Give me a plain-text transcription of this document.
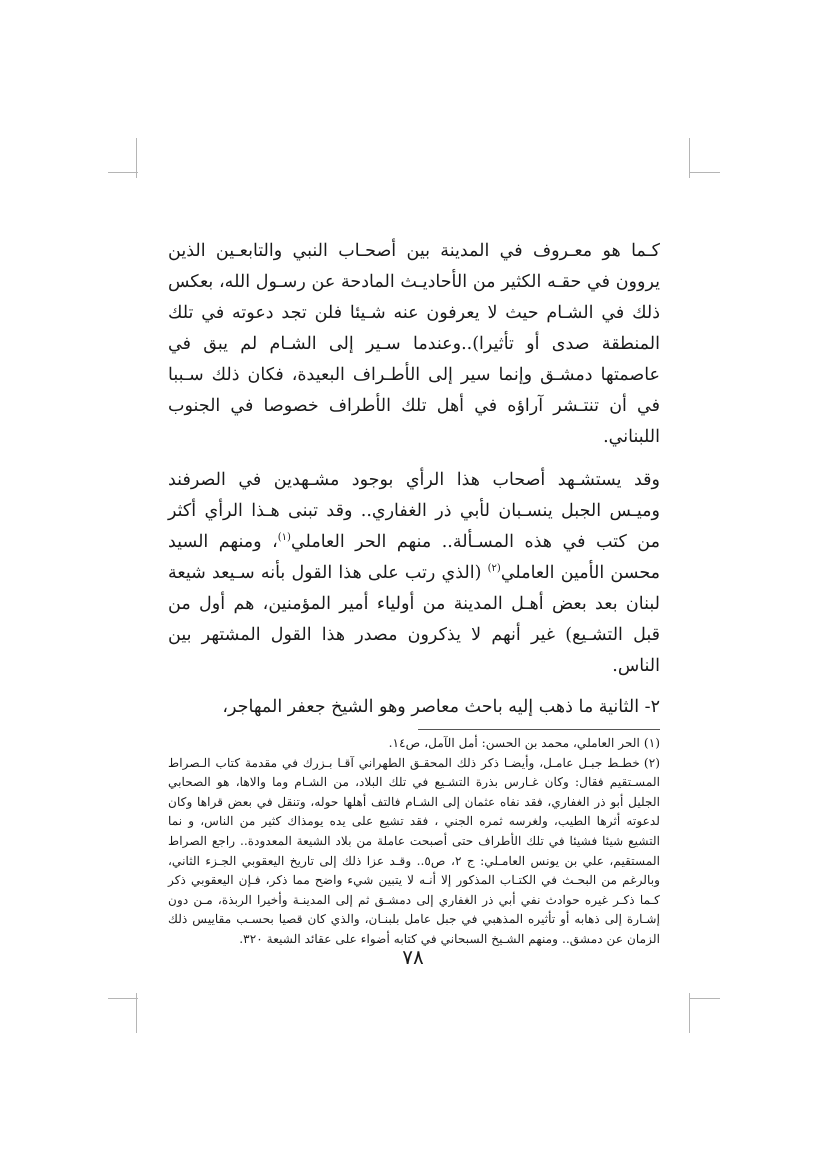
كـما هو معـروف في المدينة بين أصحـاب النبي والتابعـين الذين يروون في حقـه الكثير من الأحاديـث المادحة عن رسـول الله، بعكس ذلك في الشـام حيث لا يعرفون عنه شـيئا فلن تجد دعوته في تلك المنطقة صدى أو تأثيرا)..وعندما سـير إلى الشـام لم يبق في عاصمتها دمشـق وإنما سير إلى الأطـراف البعيدة، فكان ذلك سـببا في أن تنتـشر آراؤه في أهل تلك الأطراف خصوصا في الجنوب اللبناني.

وقد يستشـهد أصحاب هذا الرأي بوجود مشـهدين في الصرفند وميـس الجبل ينسـبان لأبي ذر الغفاري.. وقد تبنى هـذا الرأي أكثر من كتب في هذه المسـألة.. منهم الحر العاملي$^{(١)}$، ومنهم السيد محسن الأمين العاملي$^{(٢)}$ (الذي رتب على هذا القول بأنه سـيعد شيعة لبنان بعد بعض أهـل المدينة من أولياء أمير المؤمنين، هم أول من قبل التشـيع) غير أنهم لا يذكرون مصدر هذا القول المشتهر بين الناس.

٢- الثانية ما ذهب إليه باحث معاصر وهو الشيخ جعفر المهاجر،

(١)الحر العاملي، محمد بن الحسن: أمل الآمل، ص١٤.

(٢)خطـط جبـل عامـل، وأيضـا ذكر ذلك المحقـق الطهراني آقـا بـزرك في مقدمة كتاب الـصراط المسـتقيم فقال: وكان غـارس بذرة التشـيع في تلك البلاد، من الشـام وما والاها، هو الصحابي الجليل أبو ذر الغفاري، فقد نفاه عثمان إلى الشـام فالتف أهلها حوله، وتنقل في بعض قراها وكان لدعوته أثرها الطيب، ولغرسه ثمره الجني ، فقد تشيع على يده يومذاك كثير من الناس، و نما التشيع شيئا فشيئا في تلك الأطراف حتى أصبحت عاملة من بلاد الشيعة المعدودة.. راجع الصراط المستقيم، علي بن يونس العامـلي: ج ٢، ص٥.. وقـد عزا ذلك إلى تاريخ اليعقوبي الجـزء الثاني، وبالرغم من البحـث في الكتـاب المذكور إلا أنـه لا يتبين شيء واضح مما ذكر، فـإن اليعقوبي ذكر كـما ذكـر غيره حوادث نفي أبي ذر الغفاري إلى دمشـق ثم إلى المدينـة وأخيرا الربذة، مـن دون إشـارة إلى ذهابه أو تأثيره المذهبي في جبل عامل بلبنـان، والذي كان قصيا بحسـب مقاييس ذلك الزمان عن دمشق.. ومنهم الشـيخ السبحاني في كتابه أضواء على عقائد الشيعة ٣٢٠.

٧٨
